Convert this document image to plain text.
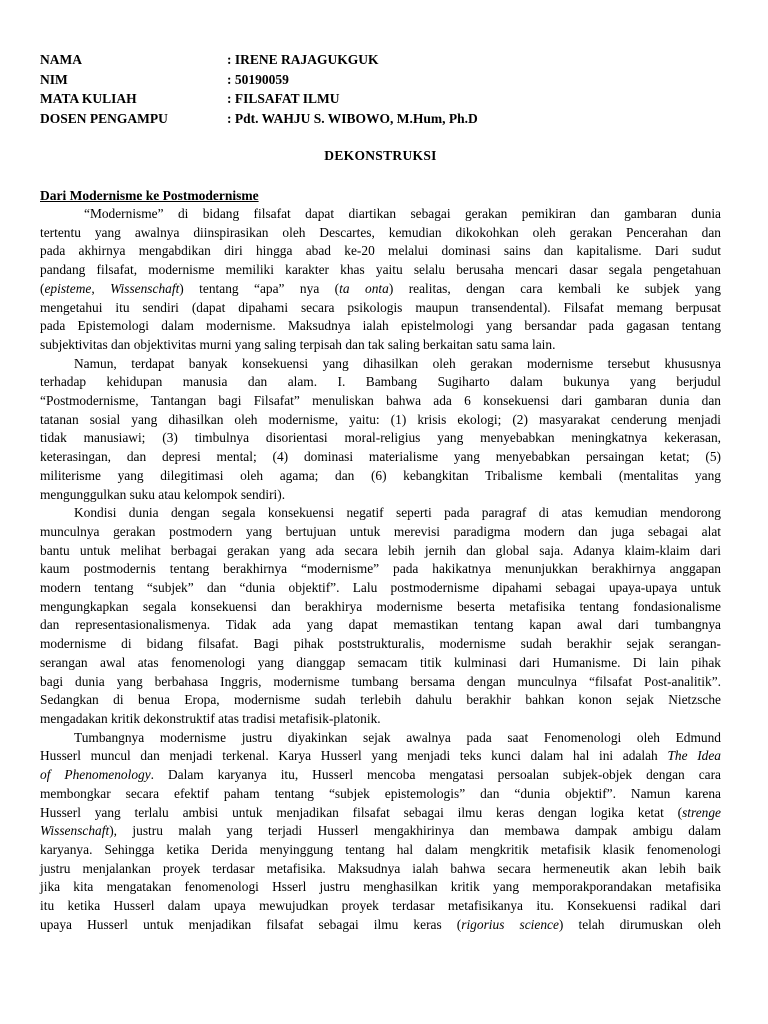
NAMA	: IRENE RAJAGUKGUK
NIM	: 50190059
MATA KULIAH	: FILSAFAT ILMU
DOSEN PENGAMPU	: Pdt. WAHJU S. WIBOWO, M.Hum, Ph.D
DEKONSTRUKSI
Dari Modernisme ke Postmodernisme
“Modernisme” di bidang filsafat dapat diartikan sebagai gerakan pemikiran dan gambaran dunia
tertentu yang awalnya diinspirasikan oleh Descartes, kemudian dikokohkan oleh gerakan Pencerahan dan
pada akhirnya mengabdikan diri hingga abad ke-20 melalui dominasi sains dan kapitalisme. Dari sudut
pandang filsafat, modernisme memiliki karakter khas yaitu selalu berusaha mencari dasar segala pengetahuan
(episteme, Wissenschaft) tentang “apa” nya (ta onta) realitas, dengan cara kembali ke subjek yang
mengetahui itu sendiri (dapat dipahami secara psikologis maupun transendental). Filsafat memang berpusat
pada Epistemologi dalam modernisme. Maksudnya ialah epistelmologi yang bersandar pada gagasan tentang
subjektivitas dan objektivitas murni yang saling terpisah dan tak saling berkaitan satu sama lain.
Namun, terdapat banyak konsekuensi yang dihasilkan oleh gerakan modernisme tersebut khususnya
terhadap kehidupan manusia dan alam. I. Bambang Sugiharto dalam bukunya yang berjudul
“Postmodernisme, Tantangan bagi Filsafat” menuliskan bahwa ada 6 konsekuensi dari gambaran dunia dan
tatanan sosial yang dihasilkan oleh modernisme, yaitu: (1) krisis ekologi; (2) masyarakat cenderung menjadi
tidak manusiawi; (3) timbulnya disorientasi moral-religius yang menyebabkan meningkatnya kekerasan,
keterasingan, dan depresi mental; (4) dominasi materialisme yang menyebabkan persaingan ketat; (5)
militerisme yang dilegitimasi oleh agama; dan (6) kebangkitan Tribalisme kembali (mentalitas yang
mengunggulkan suku atau kelompok sendiri).
Kondisi dunia dengan segala konsekuensi negatif seperti pada paragraf di atas kemudian mendorong
munculnya gerakan postmodern yang bertujuan untuk merevisi paradigma modern dan juga sebagai alat
bantu untuk melihat berbagai gerakan yang ada secara lebih jernih dan global saja. Adanya klaim-klaim dari
kaum postmodernis tentang berakhirnya “modernisme” pada hakikatnya menunjukkan berakhirnya anggapan
modern tentang “subjek” dan “dunia objektif”. Lalu postmodernisme dipahami sebagai upaya-upaya untuk
mengungkapkan segala konsekuensi dan berakhirya modernisme beserta metafisika tentang fondasionalisme
dan representasionalismenya. Tidak ada yang dapat memastikan tentang kapan awal dari tumbangnya
modernisme di bidang filsafat. Bagi pihak poststrukturalis, modernisme sudah berakhir sejak serangan-
serangan awal atas fenomenologi yang dianggap semacam titik kulminasi dari Humanisme. Di lain pihak
bagi dunia yang berbahasa Inggris, modernisme tumbang bersama dengan munculnya “filsafat Post-analitik”.
Sedangkan di benua Eropa, modernisme sudah terlebih dahulu berakhir bahkan konon sejak Nietzsche
mengadakan kritik dekonstruktif atas tradisi metafisik-platonik.
Tumbangnya modernisme justru diyakinkan sejak awalnya pada saat Fenomenologi oleh Edmund
Husserl muncul dan menjadi terkenal. Karya Husserl yang menjadi teks kunci dalam hal ini adalah The Idea
of Phenomenology. Dalam karyanya itu, Husserl mencoba mengatasi persoalan subjek-objek dengan cara
membongkar secara efektif paham tentang “subjek epistemologis” dan “dunia objektif”. Namun karena
Husserl yang terlalu ambisi untuk menjadikan filsafat sebagai ilmu keras dengan logika ketat (strenge
Wissenschaft), justru malah yang terjadi Husserl mengakhirinya dan membawa dampak ambigu dalam
karyanya. Sehingga ketika Derida menyinggung tentang hal dalam mengkritik metafisik klasik fenomenologi
justru menjalankan proyek terdasar metafisika. Maksudnya ialah bahwa secara hermeneutik akan lebih baik
jika kita mengatakan fenomenologi Hsserl justru menghasilkan kritik yang memporakporandakan metafisika
itu ketika Husserl dalam upaya mewujudkan proyek terdasar metafisikanya itu. Konsekuensi radikal dari
upaya Husserl untuk menjadikan filsafat sebagai ilmu keras (rigorius science) telah dirumuskan oleh
